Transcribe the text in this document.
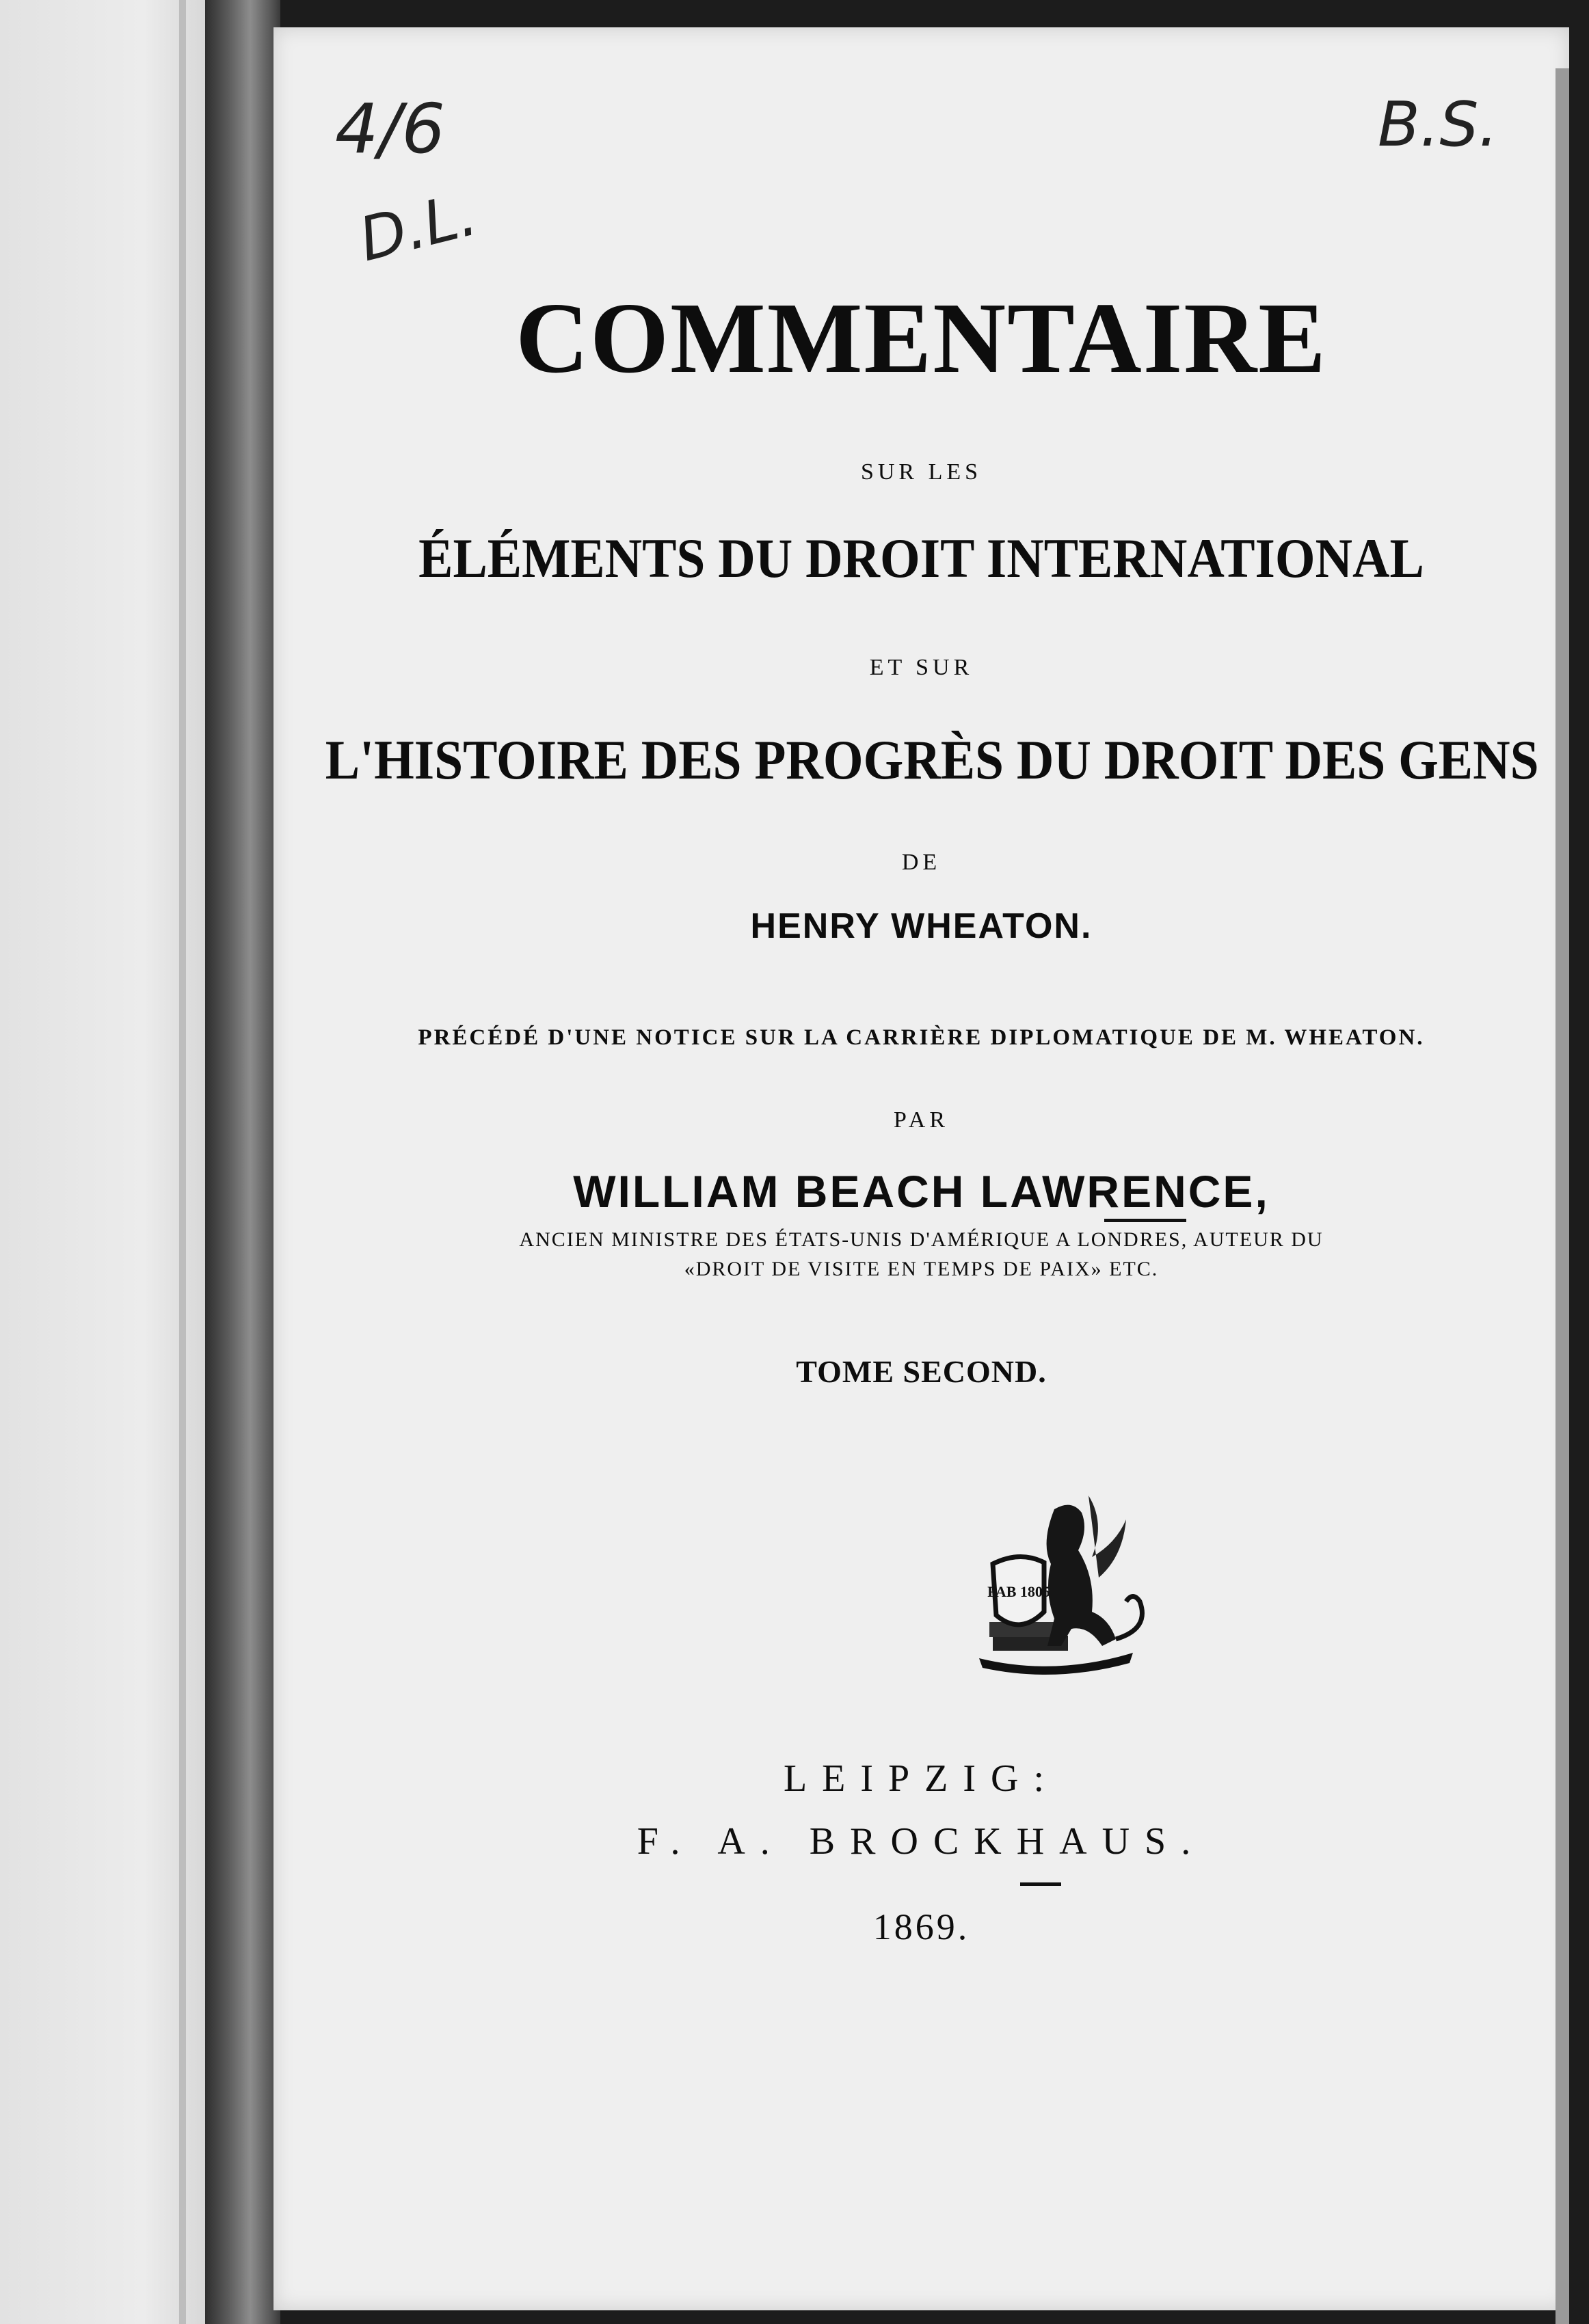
4/6
D.L.
B.S.

COMMENTAIRE

SUR LES

ÉLÉMENTS DU DROIT INTERNATIONAL

ET SUR

L'HISTOIRE DES PROGRÈS DU DROIT DES GENS

DE

HENRY WHEATON.

PRÉCÉDÉ D'UNE NOTICE SUR LA CARRIÈRE DIPLOMATIQUE DE M. WHEATON.

PAR

WILLIAM BEACH LAWRENCE,

ANCIEN MINISTRE DES ÉTATS-UNIS D'AMÉRIQUE A LONDRES, AUTEUR DU

«DROIT DE VISITE EN TEMPS DE PAIX» ETC.

TOME SECOND.

FAB 1805

LEIPZIG:

F. A. BROCKHAUS.

1869.
